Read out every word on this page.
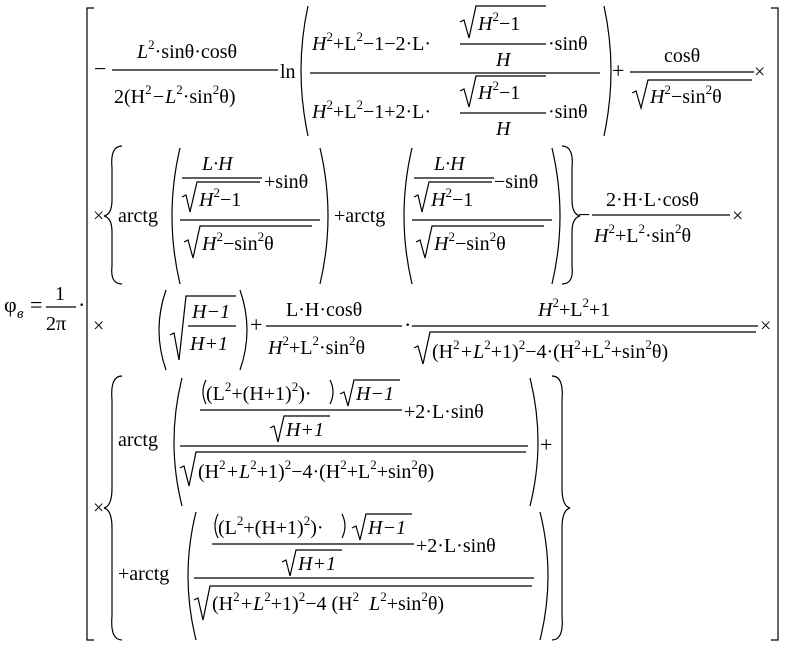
φ в = 1
2π
·
−
$L^2\cdot\sin\theta\cdot\cos\theta$
$2(H^2-L^2\cdot\sin^2\theta)$
ln
$H^2+L^2-1-2\cdot L\cdot$
$H^2-1$
H
·sinθ
$H^2+L^2-1+2\cdot L\cdot$
$H^2-1$
H
·sinθ
+
cosθ
$H^2-\sin^2\theta$
×
× arctg
L·H
$H^2-1$
+sinθ
$H^2-\sin^2\theta$
+arctg
L·H
$H^2-1$
−sinθ
$H^2-\sin^2\theta$
−
2·H·L·cosθ
$H^2+L^2\cdot\sin^2\theta$
×
×
H−1
H+1
+
L·H·cosθ
$H^2+L^2\cdot\sin^2\theta$
·
$H^2+L^2+1$
$(H^2+L^2+1)^2-4\cdot(H^2+L^2+\sin^2\theta)$
×
×
arctg
$(L^2+(H+1)^2)\cdot H-1$
H+1
+2·L·sinθ
$(H^2+L^2+1)^2-4\cdot(H^2+L^2+\sin^2\theta)$
+
+arctg
$(L^2+(H+1)^2)\cdot H-1$
H+1
+2·L·sinθ
$(H^2+L^2+1)^2-4$ ($H^2$ $L^2+\sin^2\theta$)
